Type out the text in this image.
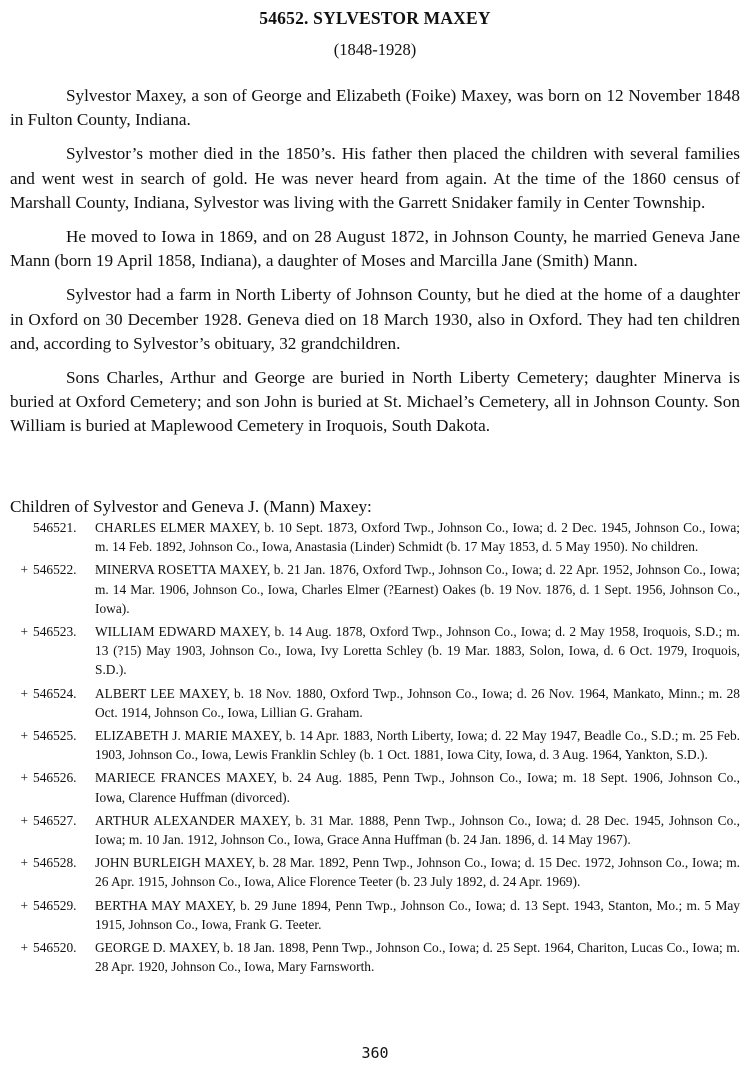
54652. SYLVESTOR MAXEY
(1848-1928)

Sylvestor Maxey, a son of George and Elizabeth (Foike) Maxey, was born on 12 November 1848 in Fulton County, Indiana.

Sylvestor’s mother died in the 1850’s. His father then placed the children with several families and went west in search of gold. He was never heard from again. At the time of the 1860 census of Marshall County, Indiana, Sylvestor was living with the Garrett Snidaker family in Center Township.

He moved to Iowa in 1869, and on 28 August 1872, in Johnson County, he married Geneva Jane Mann (born 19 April 1858, Indiana), a daughter of Moses and Marcilla Jane (Smith) Mann.

Sylvestor had a farm in North Liberty of Johnson County, but he died at the home of a daughter in Oxford on 30 December 1928. Geneva died on 18 March 1930, also in Oxford. They had ten children and, according to Sylvestor’s obituary, 32 grandchildren.

Sons Charles, Arthur and George are buried in North Liberty Cemetery; daughter Minerva is buried at Oxford Cemetery; and son John is buried at St. Michael’s Cemetery, all in Johnson County. Son William is buried at Maplewood Cemetery in Iroquois, South Dakota.

Children of Sylvestor and Geneva J. (Mann) Maxey:
546521.	CHARLES ELMER MAXEY, b. 10 Sept. 1873, Oxford Twp., Johnson Co., Iowa; d. 2 Dec. 1945, Johnson Co., Iowa; m. 14 Feb. 1892, Johnson Co., Iowa, Anastasia (Linder) Schmidt (b. 17 May 1853, d. 5 May 1950). No children.
+ 546522.	MINERVA ROSETTA MAXEY, b. 21 Jan. 1876, Oxford Twp., Johnson Co., Iowa; d. 22 Apr. 1952, Johnson Co., Iowa; m. 14 Mar. 1906, Johnson Co., Iowa, Charles Elmer (?Earnest) Oakes (b. 19 Nov. 1876, d. 1 Sept. 1956, Johnson Co., Iowa).
+ 546523.	WILLIAM EDWARD MAXEY, b. 14 Aug. 1878, Oxford Twp., Johnson Co., Iowa; d. 2 May 1958, Iroquois, S.D.; m. 13 (?15) May 1903, Johnson Co., Iowa, Ivy Loretta Schley (b. 19 Mar. 1883, Solon, Iowa, d. 6 Oct. 1979, Iroquois, S.D.).
+ 546524.	ALBERT LEE MAXEY, b. 18 Nov. 1880, Oxford Twp., Johnson Co., Iowa; d. 26 Nov. 1964, Mankato, Minn.; m. 28 Oct. 1914, Johnson Co., Iowa, Lillian G. Graham.
+ 546525.	ELIZABETH J. MARIE MAXEY, b. 14 Apr. 1883, North Liberty, Iowa; d. 22 May 1947, Beadle Co., S.D.; m. 25 Feb. 1903, Johnson Co., Iowa, Lewis Franklin Schley (b. 1 Oct. 1881, Iowa City, Iowa, d. 3 Aug. 1964, Yankton, S.D.).
+ 546526.	MARIECE FRANCES MAXEY, b. 24 Aug. 1885, Penn Twp., Johnson Co., Iowa; m. 18 Sept. 1906, Johnson Co., Iowa, Clarence Huffman (divorced).
+ 546527.	ARTHUR ALEXANDER MAXEY, b. 31 Mar. 1888, Penn Twp., Johnson Co., Iowa; d. 28 Dec. 1945, Johnson Co., Iowa; m. 10 Jan. 1912, Johnson Co., Iowa, Grace Anna Huffman (b. 24 Jan. 1896, d. 14 May 1967).
+ 546528.	JOHN BURLEIGH MAXEY, b. 28 Mar. 1892, Penn Twp., Johnson Co., Iowa; d. 15 Dec. 1972, Johnson Co., Iowa; m. 26 Apr. 1915, Johnson Co., Iowa, Alice Florence Teeter (b. 23 July 1892, d. 24 Apr. 1969).
+ 546529.	BERTHA MAY MAXEY, b. 29 June 1894, Penn Twp., Johnson Co., Iowa; d. 13 Sept. 1943, Stanton, Mo.; m. 5 May 1915, Johnson Co., Iowa, Frank G. Teeter.
+ 546520.	GEORGE D. MAXEY, b. 18 Jan. 1898, Penn Twp., Johnson Co., Iowa; d. 25 Sept. 1964, Chariton, Lucas Co., Iowa; m. 28 Apr. 1920, Johnson Co., Iowa, Mary Farnsworth.
360
